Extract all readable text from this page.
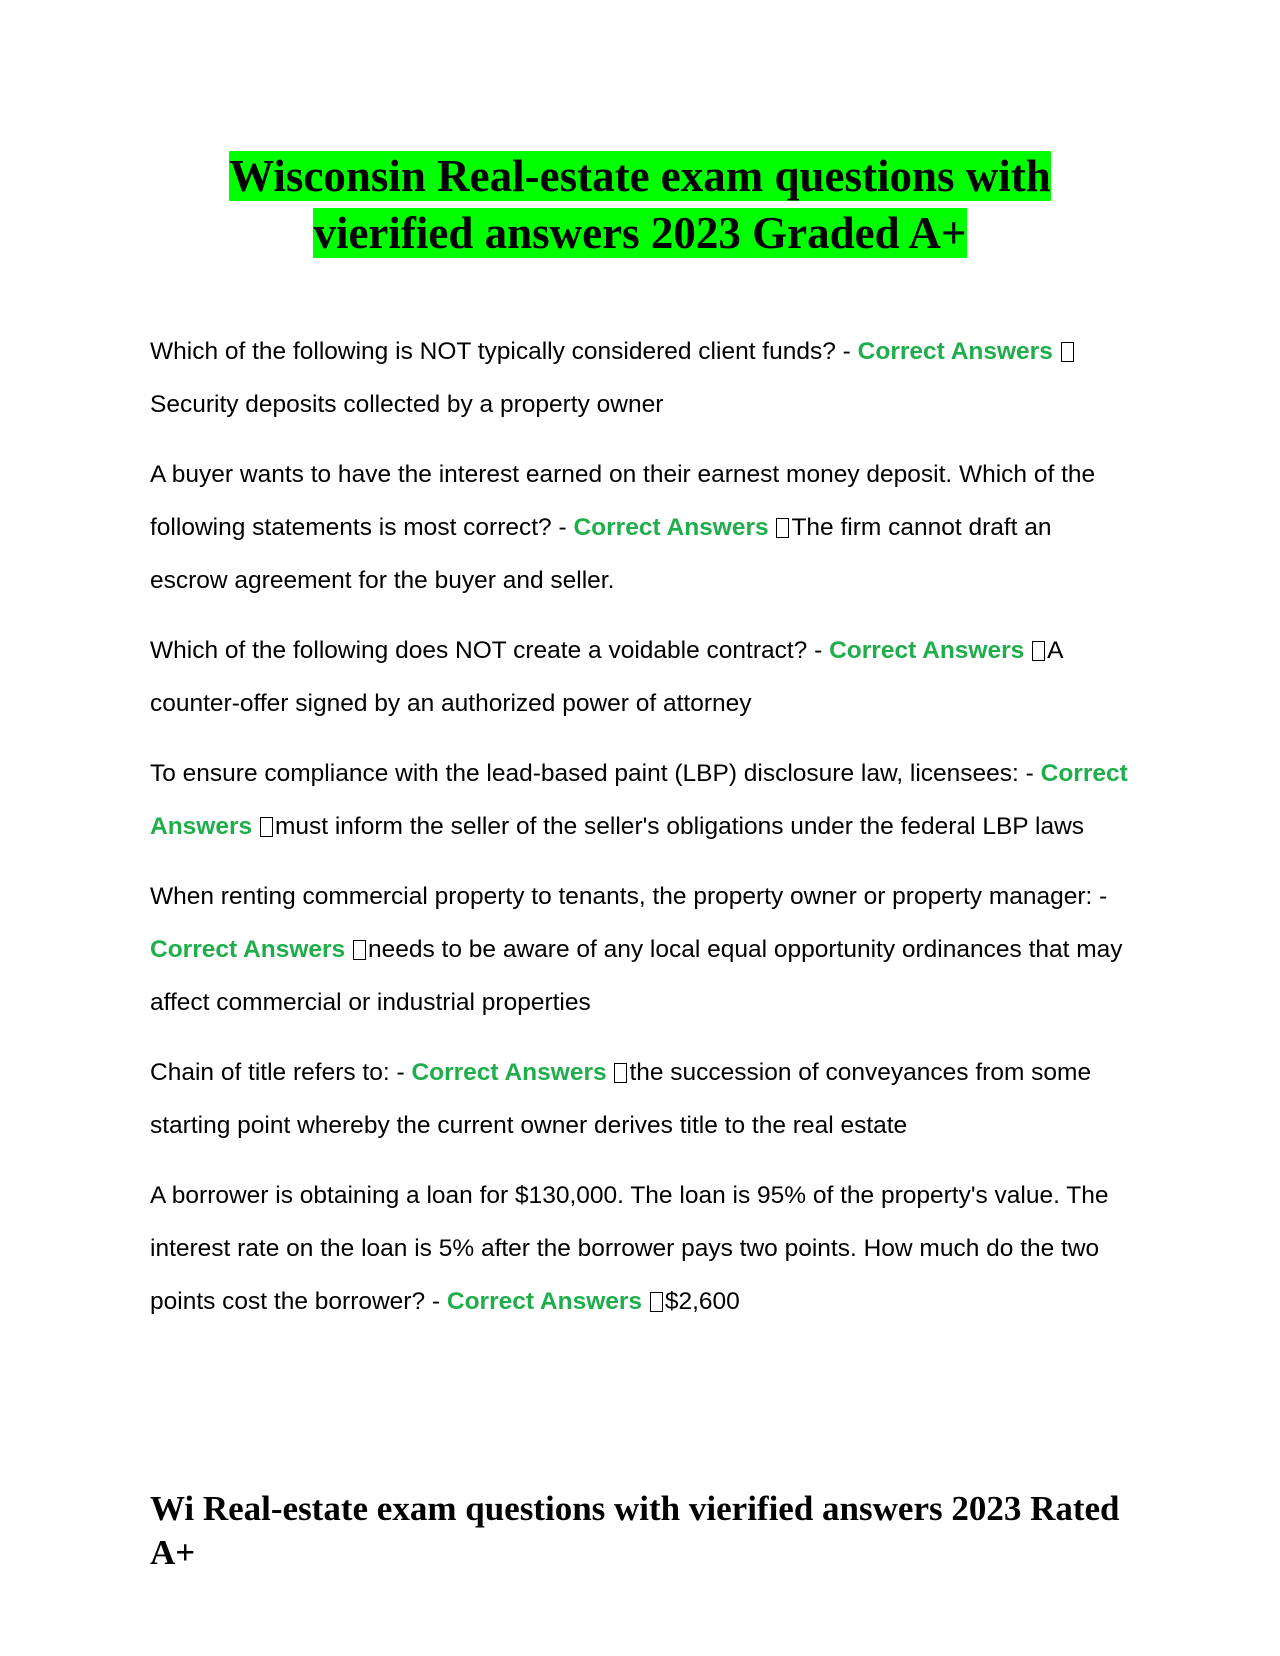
Wisconsin Real-estate exam questions with vierified answers 2023 Graded A+

Which of the following is NOT typically considered client funds? - Correct Answers Security deposits collected by a property owner

A buyer wants to have the interest earned on their earnest money deposit. Which of the following statements is most correct? - Correct Answers The firm cannot draft an escrow agreement for the buyer and seller.

Which of the following does NOT create a voidable contract? - Correct Answers A counter-offer signed by an authorized power of attorney

To ensure compliance with the lead-based paint (LBP) disclosure law, licensees: - Correct Answers must inform the seller of the seller's obligations under the federal LBP laws

When renting commercial property to tenants, the property owner or property manager: - Correct Answers needs to be aware of any local equal opportunity ordinances that may affect commercial or industrial properties

Chain of title refers to: - Correct Answers the succession of conveyances from some starting point whereby the current owner derives title to the real estate

A borrower is obtaining a loan for $130,000. The loan is 95% of the property's value. The interest rate on the loan is 5% after the borrower pays two points. How much do the two points cost the borrower? - Correct Answers $2,600

Wi Real-estate exam questions with vierified answers 2023 Rated A+
